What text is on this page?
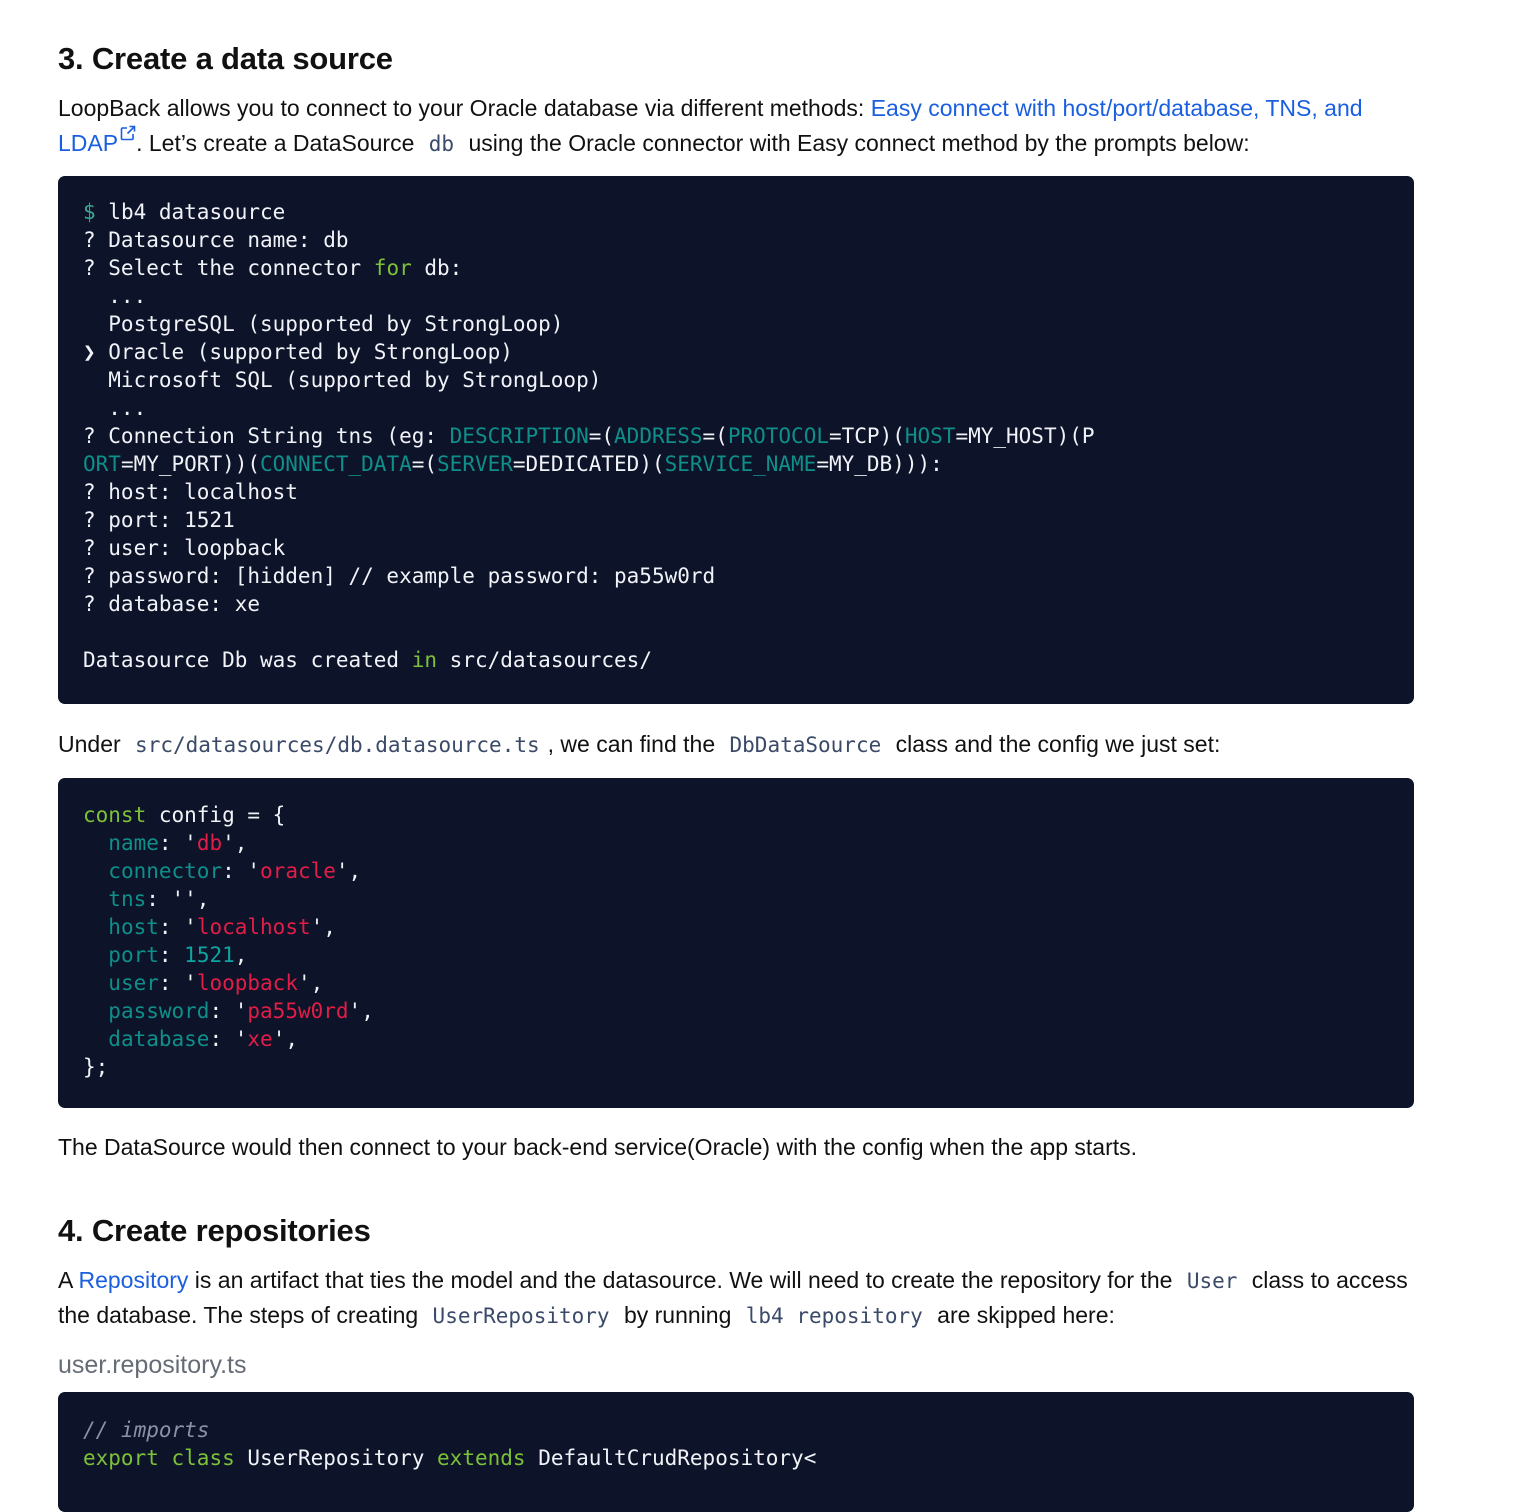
3. Create a data source

LoopBack allows you to connect to your Oracle database via different methods: Easy connect with host/port/database, TNS, and LDAP . Let’s create a DataSource db using the Oracle connector with Easy connect method by the prompts below:

$ lb4 datasource
? Datasource name: db
? Select the connector for db:
...
PostgreSQL (supported by StrongLoop)
❯ Oracle (supported by StrongLoop)
Microsoft SQL (supported by StrongLoop)
...
? Connection String tns (eg: DESCRIPTION=(ADDRESS=(PROTOCOL=TCP)(HOST=MY_HOST)(P
ORT=MY_PORT))(CONNECT_DATA=(SERVER=DEDICATED)(SERVICE_NAME=MY_DB))):
? host: localhost
? port: 1521
? user: loopback
? password: [hidden] // example password: pa55w0rd
? database: xe

Datasource Db was created in src/datasources/

Under src/datasources/db.datasource.ts , we can find the DbDataSource class and the config we just set:

const config = {
name: 'db',
connector: 'oracle',
tns: '',
host: 'localhost',
port: 1521,
user: 'loopback',
password: 'pa55w0rd',
database: 'xe',
};

The DataSource would then connect to your back-end service(Oracle) with the config when the app starts.

4. Create repositories

A Repository is an artifact that ties the model and the datasource. We will need to create the repository for the User class to access the database. The steps of creating UserRepository by running lb4 repository are skipped here:

user.repository.ts
// imports
export class UserRepository extends DefaultCrudRepository<
